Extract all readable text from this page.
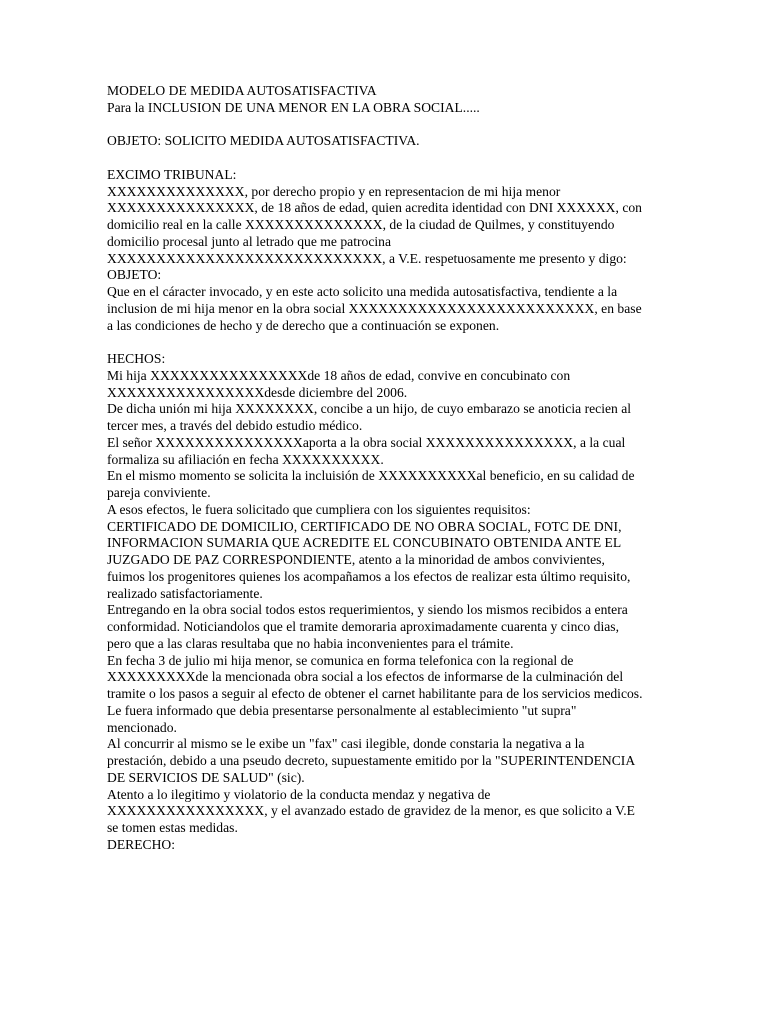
MODELO DE MEDIDA AUTOSATISFACTIVA

Para la INCLUSION DE UNA MENOR EN LA OBRA SOCIAL.....

OBJETO: SOLICITO MEDIDA AUTOSATISFACTIVA.

EXCIMO TRIBUNAL:

XXXXXXXXXXXXXX, por derecho propio y en representacion de mi hija menor XXXXXXXXXXXXXXX, de 18 años de edad, quien acredita identidad con DNI XXXXXX, con domicilio real en la calle XXXXXXXXXXXXXX, de la ciudad de Quilmes, y constituyendo domicilio procesal junto al letrado que me patrocina XXXXXXXXXXXXXXXXXXXXXXXXXXXX, a V.E. respetuosamente me presento y digo:

OBJETO:

Que en el cáracter invocado, y en este acto solicito una medida autosatisfactiva, tendiente a la inclusion de mi hija menor en la obra social XXXXXXXXXXXXXXXXXXXXXXXXX, en base a las condiciones de hecho y de derecho que a continuación se exponen.

HECHOS:

Mi hija XXXXXXXXXXXXXXXXde 18 años de edad, convive en concubinato con XXXXXXXXXXXXXXXXdesde diciembre del 2006.

De dicha unión mi hija XXXXXXXX, concibe a un hijo, de cuyo embarazo se anoticia recien al tercer mes, a través del debido estudio médico.

El señor XXXXXXXXXXXXXXXaporta a la obra social XXXXXXXXXXXXXXX, a la cual formaliza su afiliación en fecha XXXXXXXXXX.

En el mismo momento se solicita la incluisión de XXXXXXXXXXal beneficio, en su calidad de pareja conviviente.

A esos efectos, le fuera solicitado que cumpliera con los siguientes requisitos:

CERTIFICADO DE DOMICILIO, CERTIFICADO DE NO OBRA SOCIAL, FOTC DE DNI, INFORMACION SUMARIA QUE ACREDITE EL CONCUBINATO OBTENIDA ANTE EL JUZGADO DE PAZ CORRESPONDIENTE, atento a la minoridad de ambos convivientes, fuimos los progenitores quienes los acompañamos a los efectos de realizar esta último requisito, realizado satisfactoriamente.

Entregando en la obra social todos estos requerimientos, y siendo los mismos recibidos a entera conformidad. Noticiandolos que el tramite demoraria aproximadamente cuarenta y cinco dias, pero que a las claras resultaba que no habia inconvenientes para el trámite.

En fecha 3 de julio mi hija menor, se comunica en forma telefonica con la regional de XXXXXXXXXde la mencionada obra social a los efectos de informarse de la culminación del tramite o los pasos a seguir al efecto de obtener el carnet habilitante para de los servicios medicos.

Le fuera informado que debia presentarse personalmente al establecimiento "ut supra" mencionado.

Al concurrir al mismo se le exibe un "fax" casi ilegible, donde constaria la negativa a la prestación, debido a una pseudo decreto, supuestamente emitido por la "SUPERINTENDENCIA DE SERVICIOS DE SALUD" (sic).

Atento a lo ilegitimo y violatorio de la conducta mendaz y negativa de XXXXXXXXXXXXXXXX, y el avanzado estado de gravidez de la menor, es que solicito a V.E se tomen estas medidas.

DERECHO:
